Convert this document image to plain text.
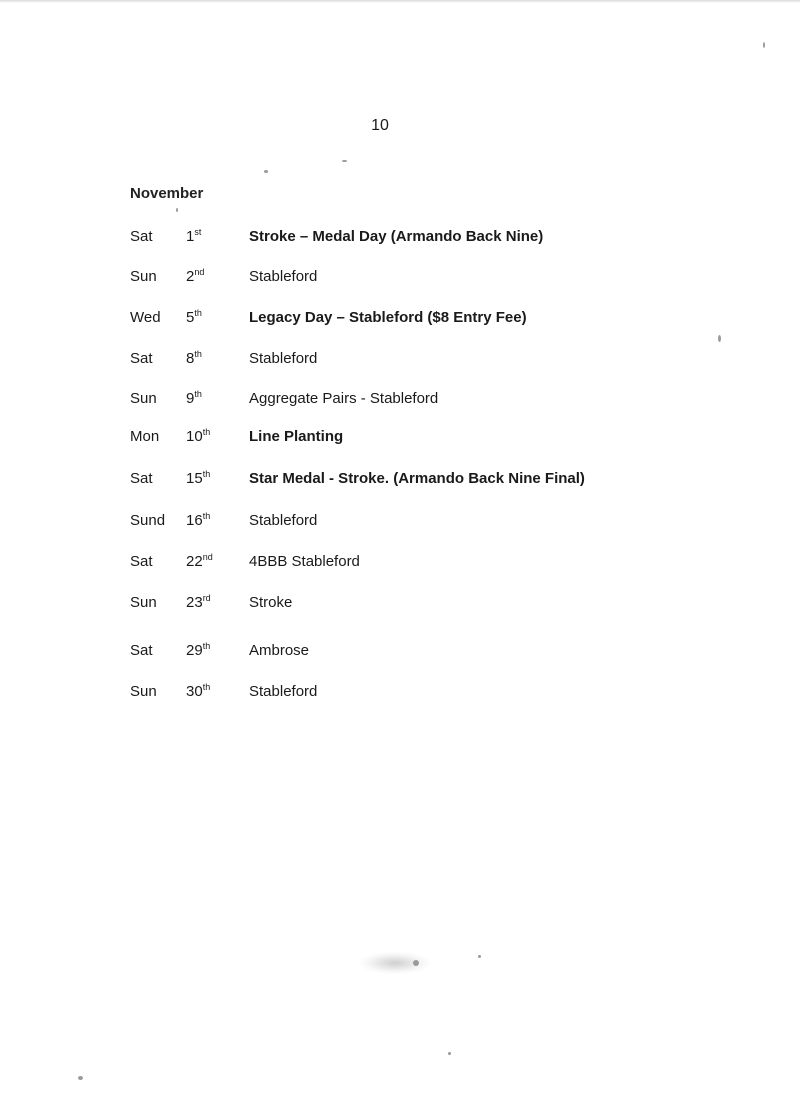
10
November
Sat 1st	Stroke – Medal Day (Armando Back Nine)
Sun 2nd	Stableford
Wed 5th	Legacy Day – Stableford ($8 Entry Fee)
Sat 8th	Stableford
Sun 9th	Aggregate Pairs - Stableford
Mon 10th	Line Planting
Sat 15th	Star Medal - Stroke. (Armando Back Nine Final)
Sund 16th	Stableford
Sat 22nd 4BBB Stableford
Sun 23rd	Stroke
Sat 29th	Ambrose
Sun 30th	Stableford
